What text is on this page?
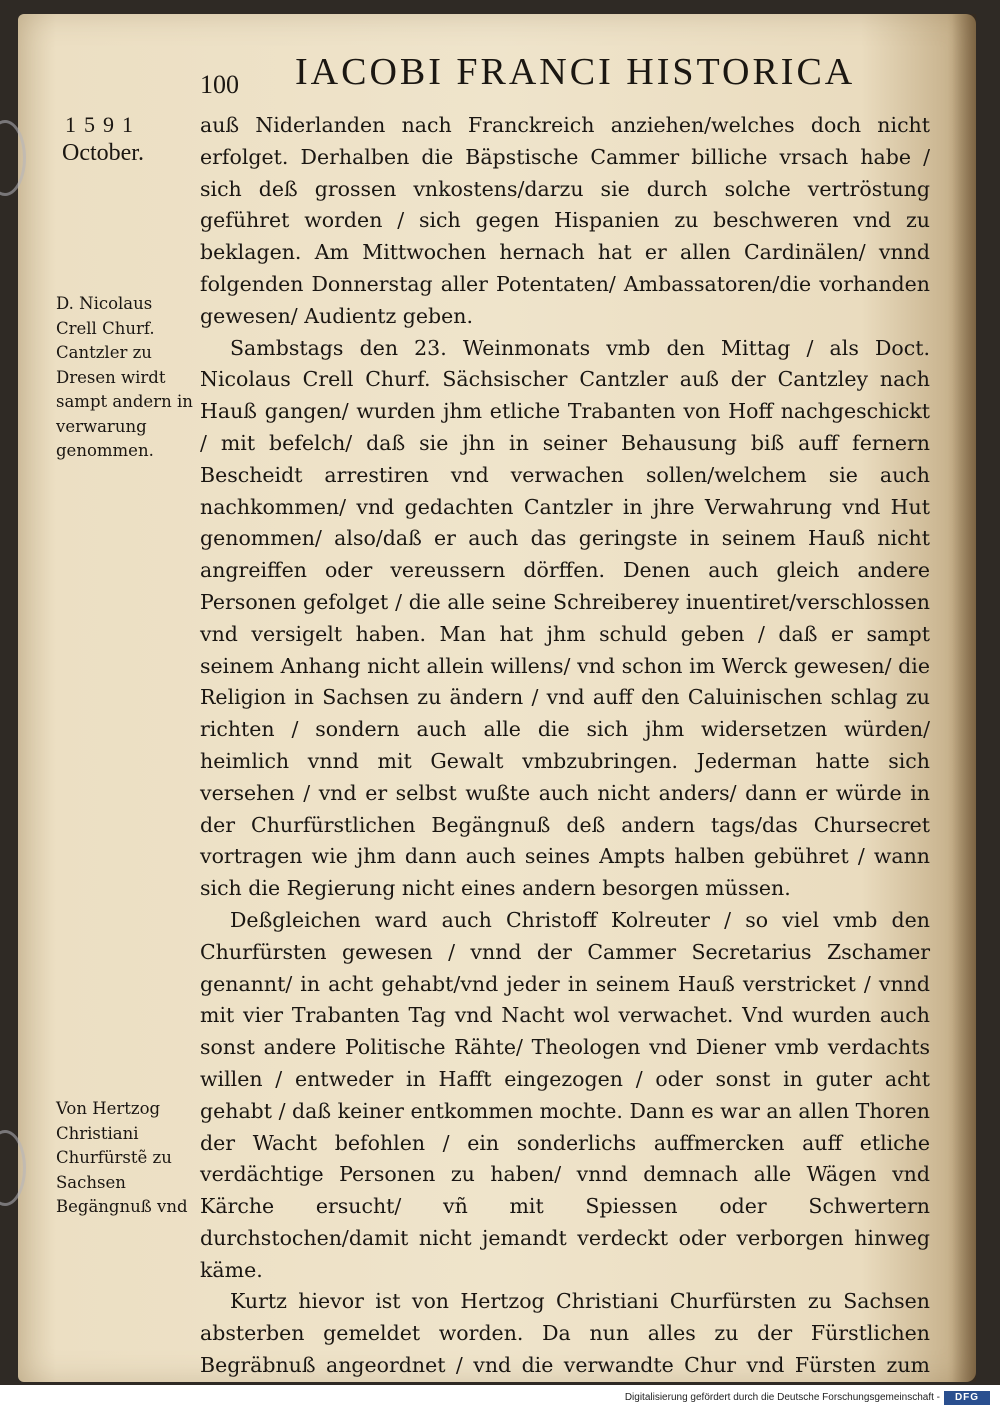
100 IACOBI FRANCI HISTORICA
1591
October.
D. Nicolaus Crell Churf. Cantzler zu Dresen wirdt sampt andern in verwarung genommen.
Von Hertzog Christiani Churfürstẽ zu Sachsen Begängnuß vnd

auß Niderlanden nach Franckreich anziehen/welches doch nicht erfolget. Derhalben die Bäpstische Cammer billiche vrsach habe / sich deß grossen vnkostens/darzu sie durch solche vertröstung geführet worden / sich gegen Hispanien zu beschweren vnd zu beklagen. Am Mittwochen hernach hat er allen Cardinälen/ vnnd folgenden Donnerstag aller Potentaten/ Ambassatoren/die vorhanden gewesen/ Audientz geben.

Sambstags den 23. Weinmonats vmb den Mittag / als Doct. Nicolaus Crell Churf. Sächsischer Cantzler auß der Cantzley nach Hauß gangen/ wurden jhm etliche Trabanten von Hoff nachgeschickt / mit befelch/ daß sie jhn in seiner Behausung biß auff fernern Bescheidt arrestiren vnd verwachen sollen/welchem sie auch nachkommen/ vnd gedachten Cantzler in jhre Verwahrung vnd Hut genommen/ also/daß er auch das geringste in seinem Hauß nicht angreiffen oder vereussern dörffen. Denen auch gleich andere Personen gefolget / die alle seine Schreiberey inuentiret/verschlossen vnd versigelt haben. Man hat jhm schuld geben / daß er sampt seinem Anhang nicht allein willens/ vnd schon im Werck gewesen/ die Religion in Sachsen zu ändern / vnd auff den Caluinischen schlag zu richten / sondern auch alle die sich jhm widersetzen würden/ heimlich vnnd mit Gewalt vmbzubringen. Jederman hatte sich versehen / vnd er selbst wußte auch nicht anders/ dann er würde in der Churfürstlichen Begängnuß deß andern tags/das Chursecret vortragen wie jhm dann auch seines Ampts halben gebühret / wann sich die Regierung nicht eines andern besorgen müssen.

Deßgleichen ward auch Christoff Kolreuter / so viel vmb den Churfürsten gewesen / vnnd der Cammer Secretarius Zschamer genannt/ in acht gehabt/vnd jeder in seinem Hauß verstricket / vnnd mit vier Trabanten Tag vnd Nacht wol verwachet. Vnd wurden auch sonst andere Politische Rähte/ Theologen vnd Diener vmb verdachts willen / entweder in Hafft eingezogen / oder sonst in guter acht gehabt / daß keiner entkommen mochte. Dann es war an allen Thoren der Wacht befohlen / ein sonderlichs auffmercken auff etliche verdächtige Personen zu haben/ vnnd demnach alle Wägen vnd Kärche ersucht/ vñ mit Spiessen oder Schwertern durchstochen/damit nicht jemandt verdeckt oder verborgen hinweg käme.

Kurtz hievor ist von Hertzog Christiani Churfürsten zu Sachsen absterben gemeldet worden. Da nun alles zu der Fürstlichen Begräbnuß angeordnet / vnd die verwandte Chur vnd Fürsten zum

Digitalisierung gefördert durch die Deutsche Forschungsgemeinschaft -	DFG
